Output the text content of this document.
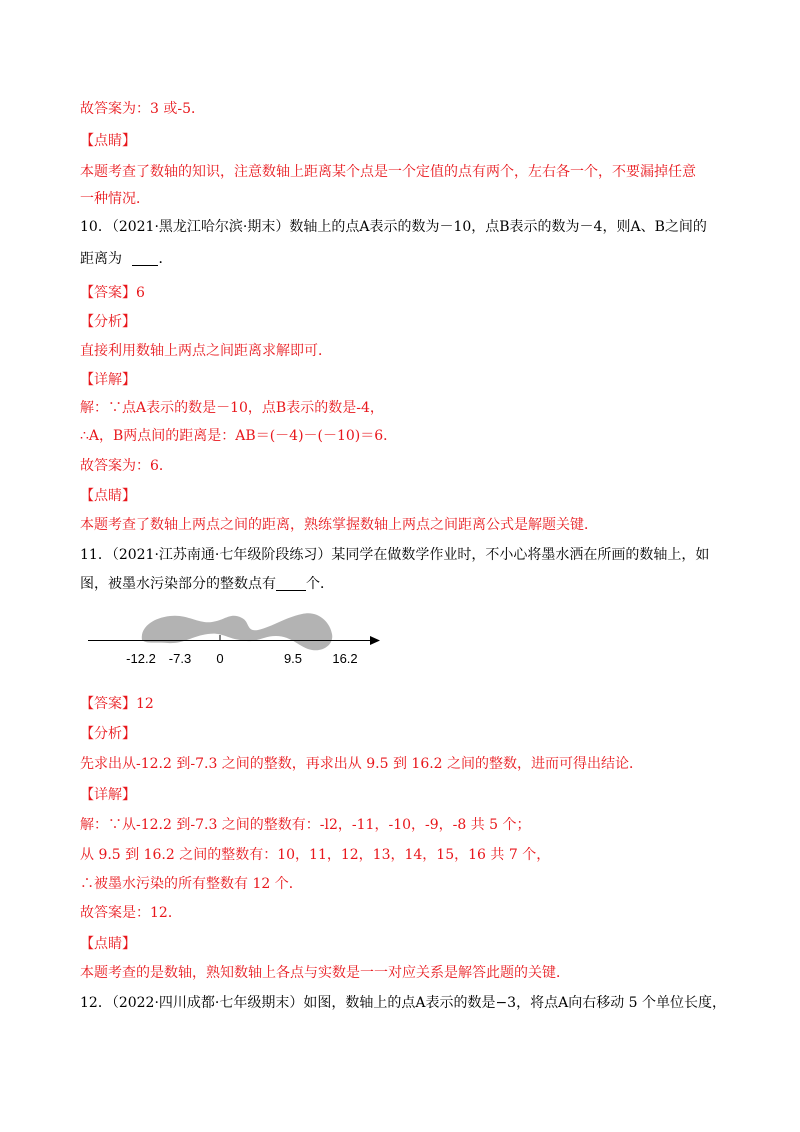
故答案为：3 或-5．
【点睛】
本题考查了数轴的知识，注意数轴上距离某个点是一个定值的点有两个，左右各一个，不要漏掉任意
一种情况．
10．（2021·黑龙江哈尔滨·期末）数轴上的点A表示的数为－10，点B表示的数为－4，则A、B之间的
距离为	．
【答案】6
【分析】
直接利用数轴上两点之间距离求解即可．
【详解】
解：∵点A表示的数是－10，点B表示的数是-4，
∴A，B两点间的距离是：AB＝(－4)－(－10)＝6．
故答案为：6．
【点睛】
本题考查了数轴上两点之间的距离，熟练掌握数轴上两点之间距离公式是解题关键．
11．（2021·江苏南通·七年级阶段练习）某同学在做数学作业时，不小心将墨水洒在所画的数轴上，如
图，被墨水污染部分的整数点有 个．
-12.2 -7.3 0	9.5 16.2
【答案】12
【分析】
先求出从-12.2 到-7.3 之间的整数，再求出从 9.5 到 16.2 之间的整数，进而可得出结论．
【详解】
解：∵从-12.2 到-7.3 之间的整数有：-l2，-11，-10，-9，-8 共 5 个；
从 9.5 到 16.2 之间的整数有：10，11，12，13，14，15，16 共 7 个，
∴被墨水污染的所有整数有 12 个．
故答案是：12．
【点睛】
本题考查的是数轴，熟知数轴上各点与实数是一一对应关系是解答此题的关键．
12．（2022·四川成都·七年级期末）如图，数轴上的点A表示的数是−3，将点A向右移动 5 个单位长度，
